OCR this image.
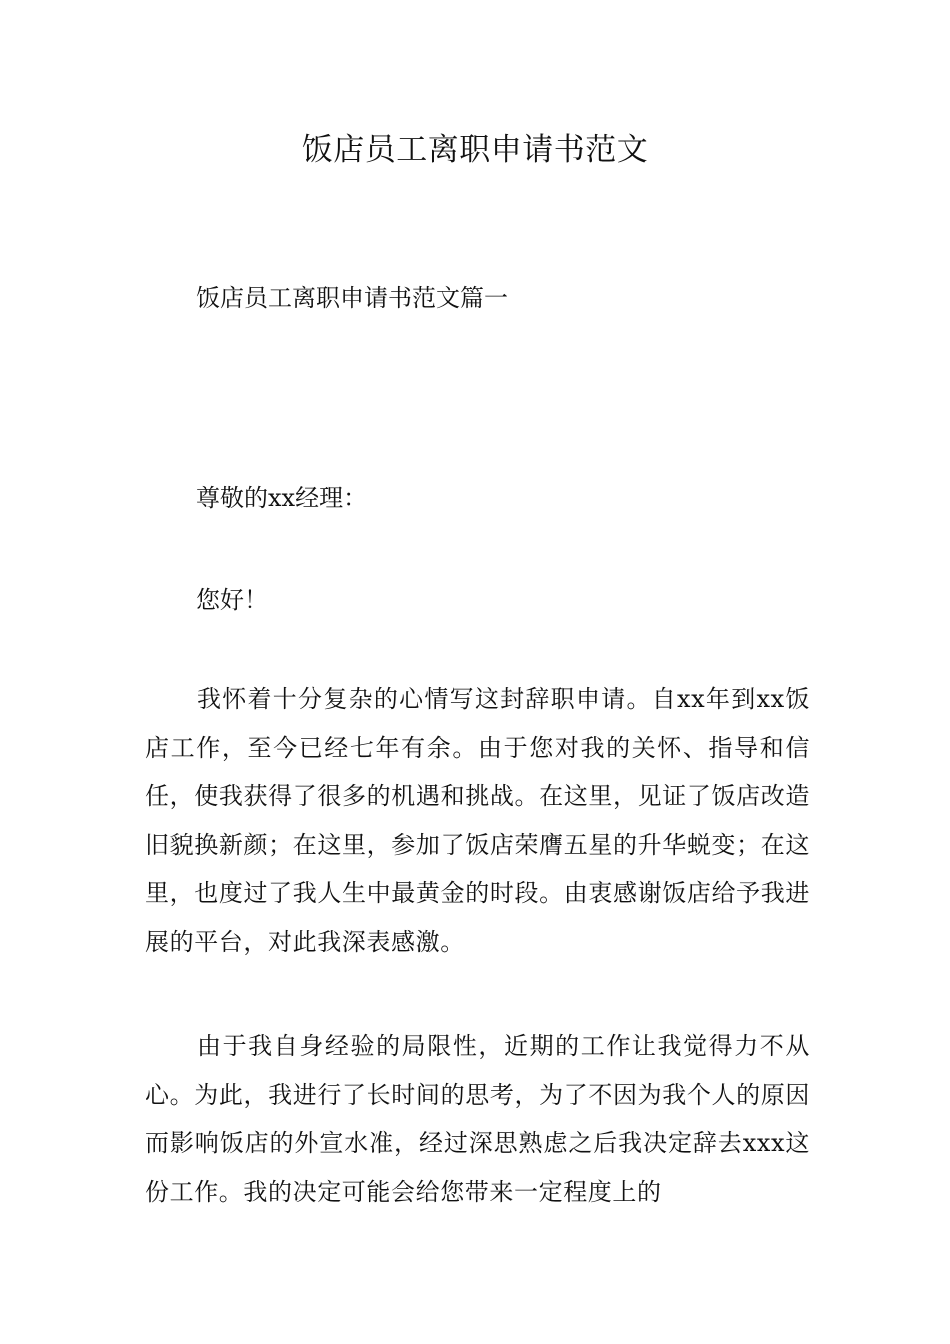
饭店员工离职申请书范文

饭店员工离职申请书范文篇一

尊敬的xx经理：

您好！

我怀着十分复杂的心情写这封辞职申请。自xx年到xx饭店工作，至今已经七年有余。由于您对我的关怀、指导和信任，使我获得了很多的机遇和挑战。在这里，见证了饭店改造旧貌换新颜；在这里，参加了饭店荣膺五星的升华蜕变；在这里，也度过了我人生中最黄金的时段。由衷感谢饭店给予我进展的平台，对此我深表感激。

由于我自身经验的局限性，近期的工作让我觉得力不从心。为此，我进行了长时间的思考，为了不因为我个人的原因而影响饭店的外宣水准，经过深思熟虑之后我决定辞去xxx这份工作。我的决定可能会给您带来一定程度上的
